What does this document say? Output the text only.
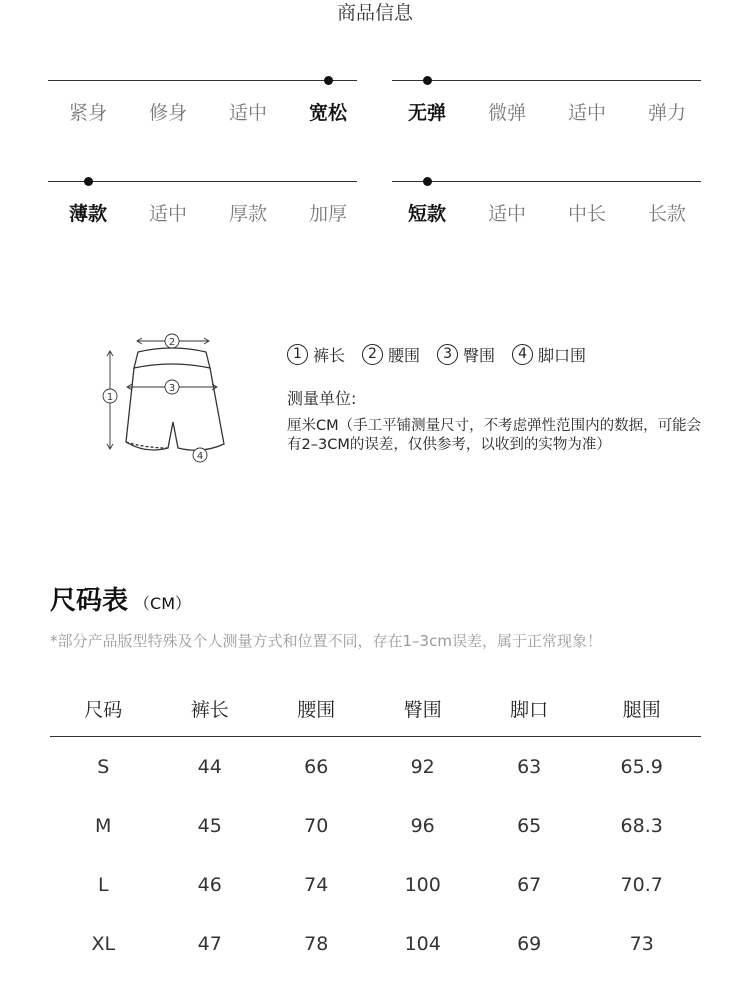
商品信息
紧身	修身	适中	宽松	无弹	微弹	适中	弹力
薄款	适中	厚款	加厚	短款	适中	中长	长款
1
2
3
4
1 裤长	2 腰围	3 臀围	4 脚口围
测量单位:
厘米CM（手工平铺测量尺寸，不考虑弹性范围内的数据，可能会有2–3CM的误差，仅供参考，以收到的实物为准）
尺码表 （CM）
*部分产品版型特殊及个人测量方式和位置不同，存在1–3cm误差，属于正常现象！
尺码	裤长	腰围	臀围	脚口	腿围
S	44	66	92	63	65.9
M	45	70	96	65	68.3
L	46	74	100	67	70.7
XL	47	78	104	69	73
